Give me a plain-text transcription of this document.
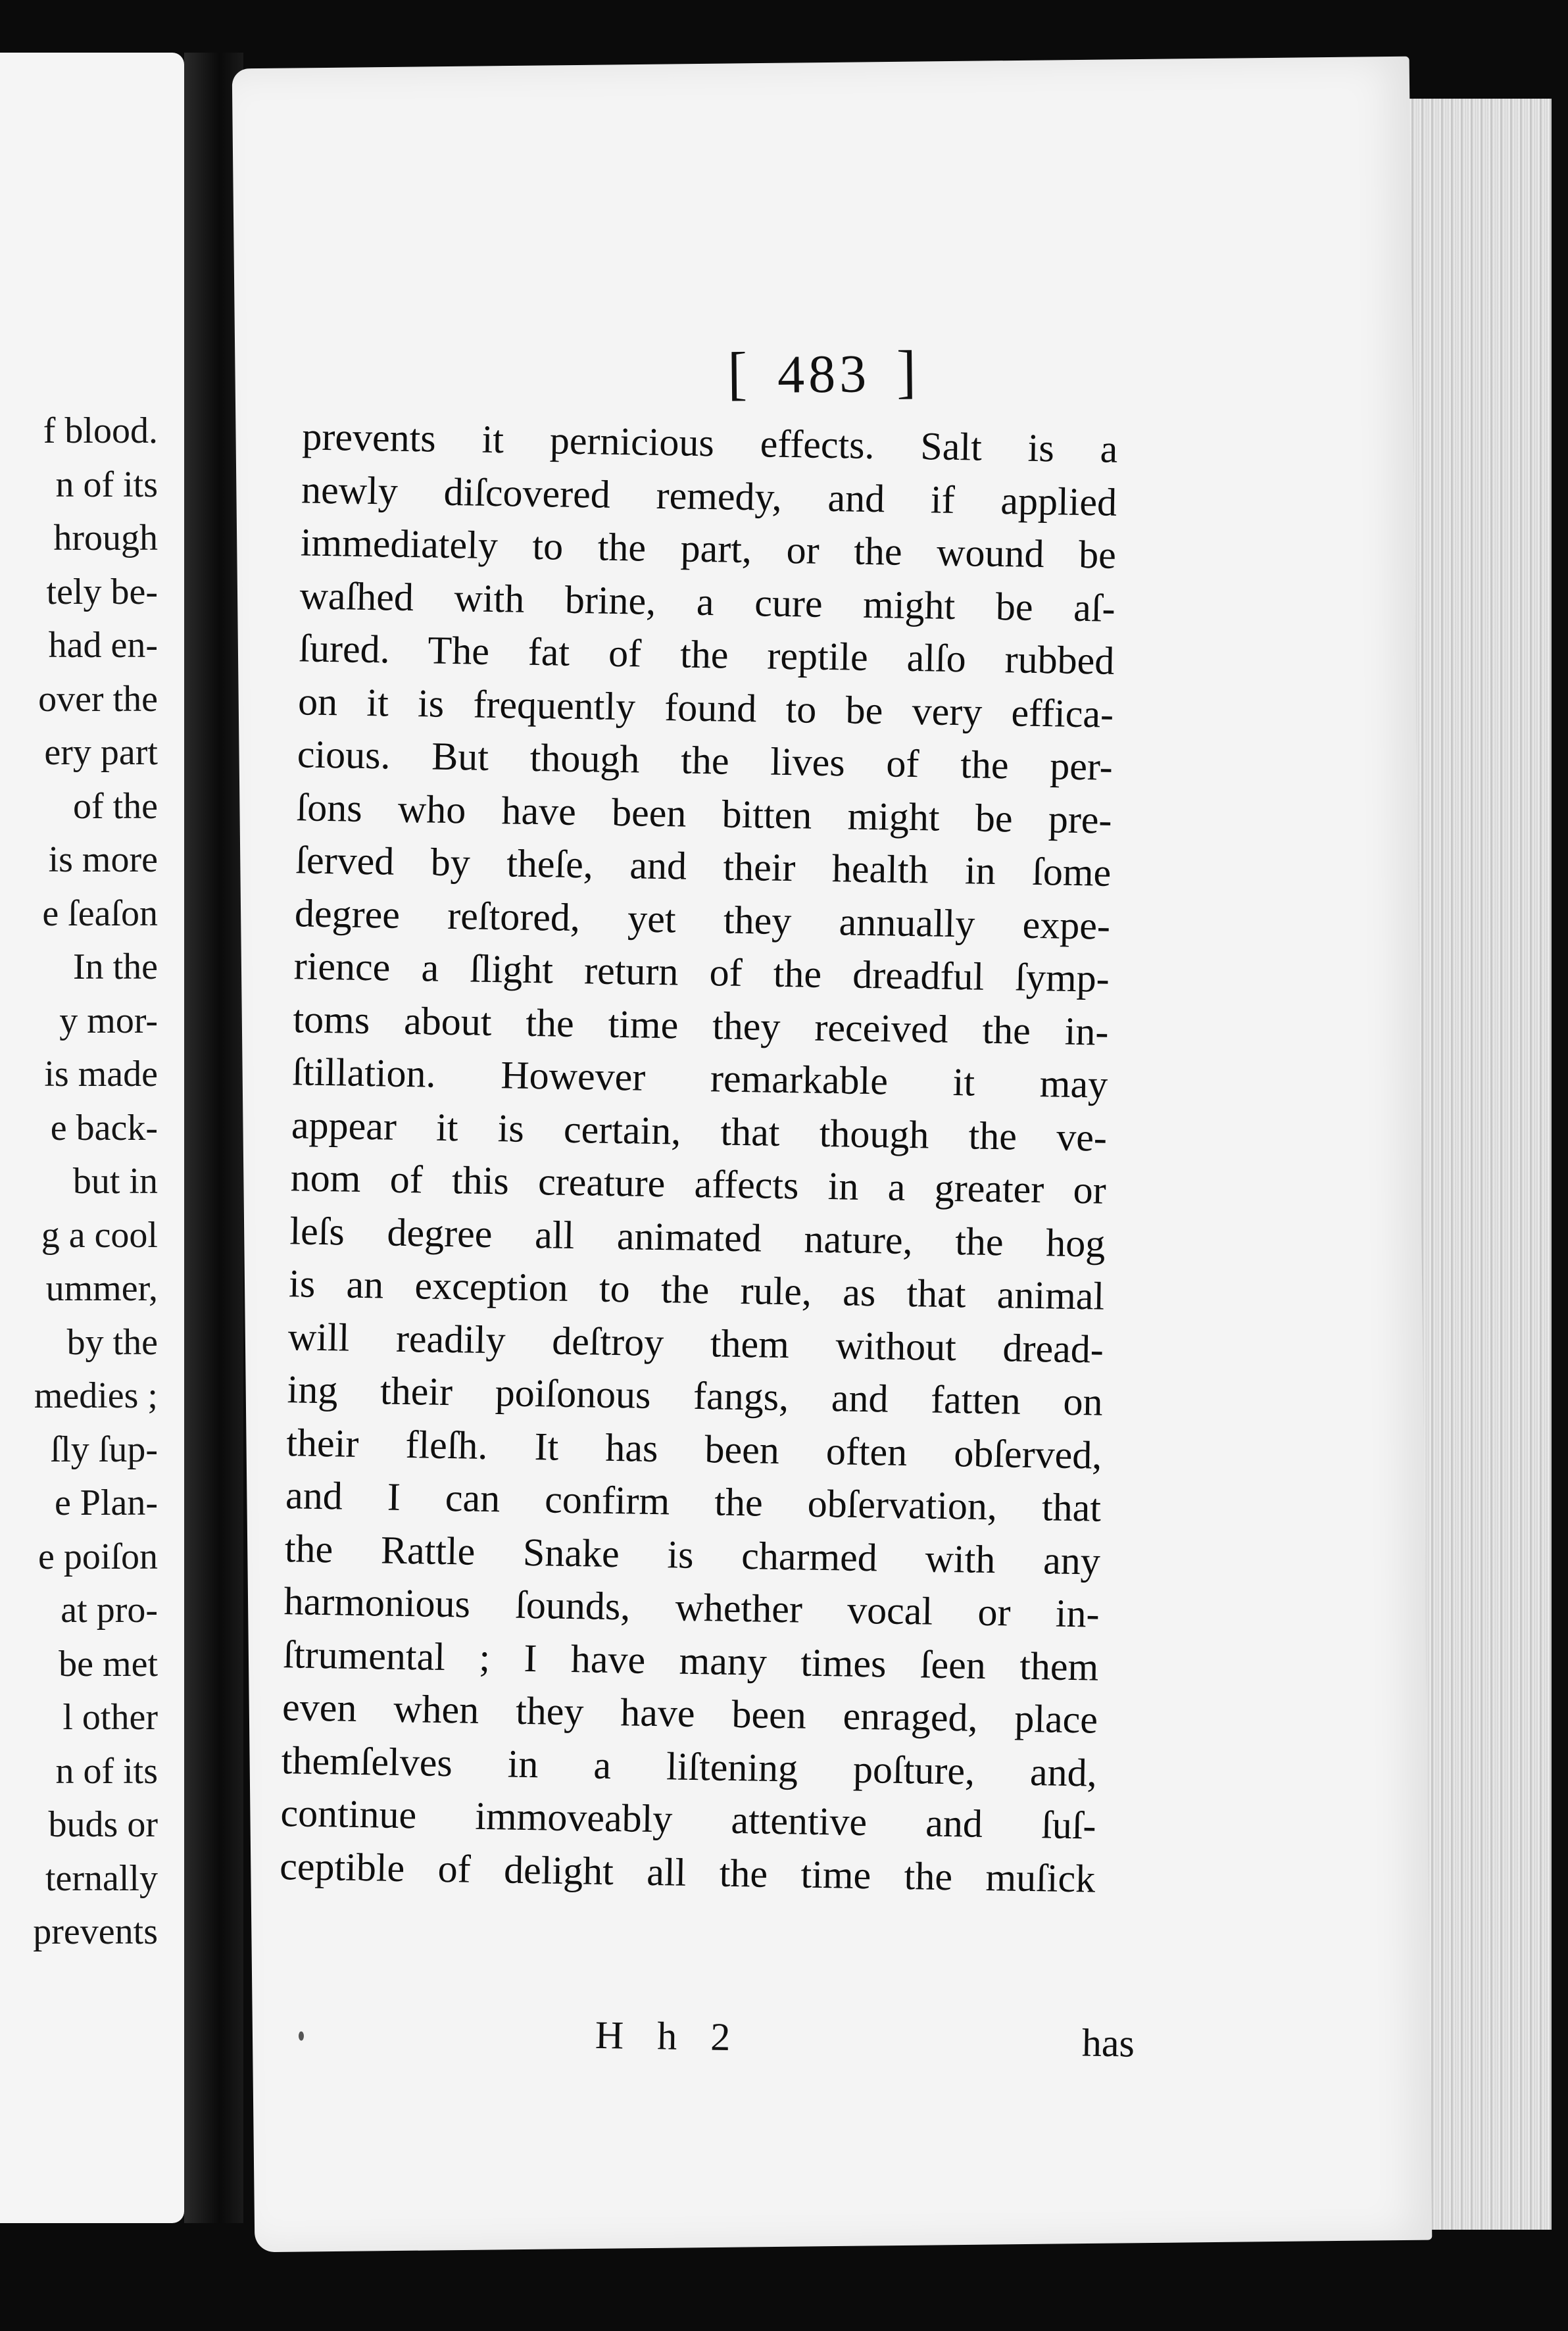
f blood.
n of its
hrough
tely be-
had en-
over the
ery part
of the
is more
e ſeaſon
In the
y mor-
is made
e back-
but in
g a cool
ummer,
by the
medies ;
ſly ſup-
e Plan-
e poiſon
at pro-
be met
l other
n of its
buds or
ternally
prevents
[ 483 ]
prevents it pernicious effects. Salt is a
newly diſcovered remedy, and if applied
immediately to the part, or the wound be
waſhed with brine, a cure might be aſ-
ſured. The fat of the reptile alſo rubbed
on it is frequently found to be very effica-
cious. But though the lives of the per-
ſons who have been bitten might be pre-
ſerved by theſe, and their health in ſome
degree reſtored, yet they annually expe-
rience a ſlight return of the dreadful ſymp-
toms about the time they received the in-
ſtillation. However remarkable it may
appear it is certain, that though the ve-
nom of this creature affects in a greater or
leſs degree all animated nature, the hog
is an exception to the rule, as that animal
will readily deſtroy them without dread-
ing their poiſonous fangs, and fatten on
their fleſh. It has been often obſerved,
and I can confirm the obſervation, that
the Rattle Snake is charmed with any
harmonious ſounds, whether vocal or in-
ſtrumental ; I have many times ſeen them
even when they have been enraged, place
themſelves in a liſtening poſture, and,
continue immoveably attentive and ſuſ-
ceptible of delight all the time the muſick
H h 2	has
